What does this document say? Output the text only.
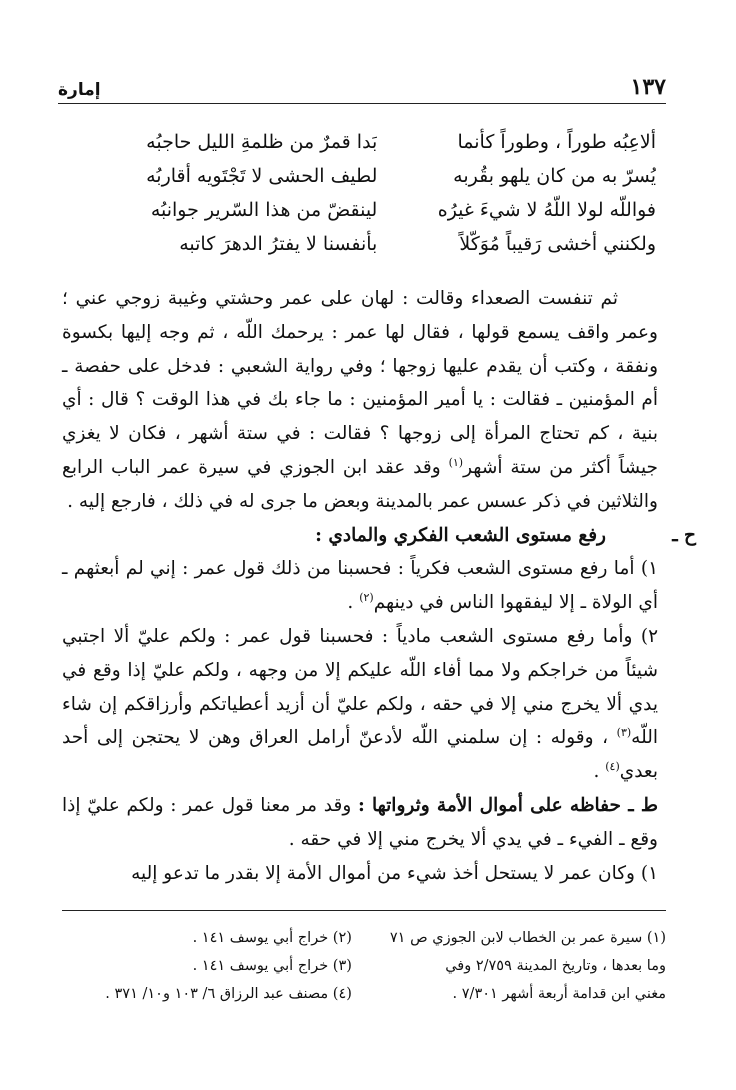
١٣٧
إمارة
ألاعِبُه طوراً ، وطوراً كأنما
بَدا قمرٌ من ظلمةِ الليل حاجبُه
يُسرّ به من كان يلهو بقُربه
لطيف الحشى لا تَجْتَويه أقاربُه
فواللّه لولا اللّهُ لا شيءَ غيرُه
لينقضّ من هذا السّرير جوانبُه
ولكنني أخشى رَقيباً مُوَكّلاً
بأنفسنا لا يفترُ الدهرَ كاتبه

ثم تنفست الصعداء وقالت : لهان على عمر وحشتي وغيبة زوجي عني ؛ وعمر واقف يسمع قولها ، فقال لها عمر : يرحمك اللّه ، ثم وجه إليها بكسوة ونفقة ، وكتب أن يقدم عليها زوجها ؛ وفي رواية الشعبي : فدخل على حفصة ـ أم المؤمنين ـ فقالت : يا أمير المؤمنين : ما جاء بك في هذا الوقت ؟ قال : أي بنية ، كم تحتاج المرأة إلى زوجها ؟ فقالت : في ستة أشهر ، فكان لا يغزي جيشاً أكثر من ستة أشهر$^{(١)}$ وقد عقد ابن الجوزي في سيرة عمر الباب الرابع والثلاثين في ذكر عسس عمر بالمدينة وبعض ما جرى له في ذلك ، فارجع إليه .

ح ـ
رفع مستوى الشعب الفكري والمادي :

١) أما رفع مستوى الشعب فكرياً : فحسبنا من ذلك قول عمر : إني لم أبعثهم ـ أي الولاة ـ إلا ليفقهوا الناس في دينهم$^{(٢)}$ .

٢) وأما رفع مستوى الشعب مادياً : فحسبنا قول عمر : ولكم عليّ ألا اجتبي شيئاً من خراجكم ولا مما أفاء اللّه عليكم إلا من وجهه ، ولكم عليّ إذا وقع في يدي ألا يخرج مني إلا في حقه ، ولكم عليّ أن أزيد أعطياتكم وأرزاقكم إن شاء اللّه$^{(٣)}$ ، وقوله : إن سلمني اللّه لأدعنّ أرامل العراق وهن لا يحتجن إلى أحد بعدي$^{(٤)}$ .

ط ـ حفاظه على أموال الأمة وثرواتها : وقد مر معنا قول عمر : ولكم عليّ إذا وقع ـ الفيء ـ في يدي ألا يخرج مني إلا في حقه .

١) وكان عمر لا يستحل أخذ شيء من أموال الأمة إلا بقدر ما تدعو إليه

(١) سيرة عمر بن الخطاب لابن الجوزي ص ٧١

وما بعدها ، وتاريخ المدينة ٢/٧٥٩ وفي

مغني ابن قدامة أربعة أشهر ٧/٣٠١ .

(٢) خراج أبي يوسف ١٤١ .

(٣) خراج أبي يوسف ١٤١ .

(٤) مصنف عبد الرزاق ٦/ ١٠٣ و١٠/ ٣٧١ .
